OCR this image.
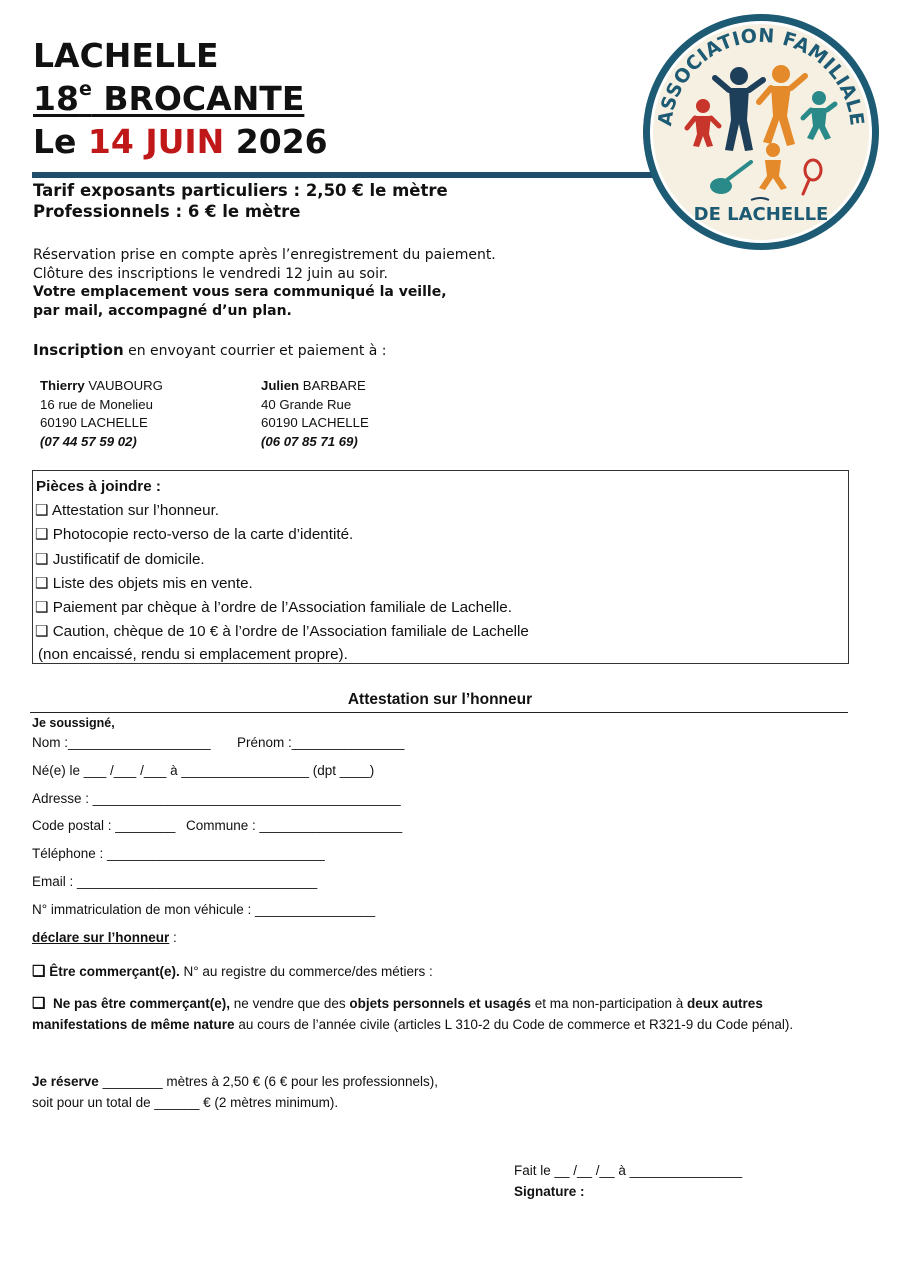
LACHELLE
18e BROCANTE
Le 14 JUIN 2026
ASSOCIATION FAMILIALE
DE LACHELLE
Tarif exposants particuliers : 2,50 € le mètre
Professionnels : 6 € le mètre
Réservation prise en compte après l’enregistrement du paiement.
Clôture des inscriptions le vendredi 12 juin au soir.
Votre emplacement vous sera communiqué la veille,
par mail, accompagné d’un plan.
Inscription en envoyant courrier et paiement à :
Thierry VAUBOURG
16 rue de Monelieu
60190 LACHELLE
(07 44 57 59 02)
Julien BARBARE
40 Grande Rue
60190 LACHELLE
(06 07 85 71 69)
Pièces à joindre :
❑ Attestation sur l’honneur.
❑ Photocopie recto-verso de la carte d’identité.
❑ Justificatif de domicile.
❑ Liste des objets mis en vente.
❑ Paiement par chèque à l’ordre de l’Association familiale de Lachelle.
❑ Caution, chèque de 10 € à l’ordre de l’Association familiale de Lachelle
(non encaissé, rendu si emplacement propre).
Attestation sur l’honneur
Je soussigné,
Nom :___________________ Prénom :_______________
Né(e) le ___ /___ /___ à _________________ (dpt ____)
Adresse : _________________________________________
Code postal : ________ Commune : ___________________
Téléphone : _____________________________
Email : ________________________________
N° immatriculation de mon véhicule : ________________
déclare sur l’honneur :
❑ Être commerçant(e). N° au registre du commerce/des métiers :
❑ Ne pas être commerçant(e), ne vendre que des objets personnels et usagés et ma non-participation à deux autres manifestations de même nature au cours de l’année civile (articles L 310-2 du Code de commerce et R321-9 du Code pénal).
Je réserve ________ mètres à 2,50 € (6 € pour les professionnels),
soit pour un total de ______ € (2 mètres minimum).
Fait le __ /__ /__ à _______________
Signature :
